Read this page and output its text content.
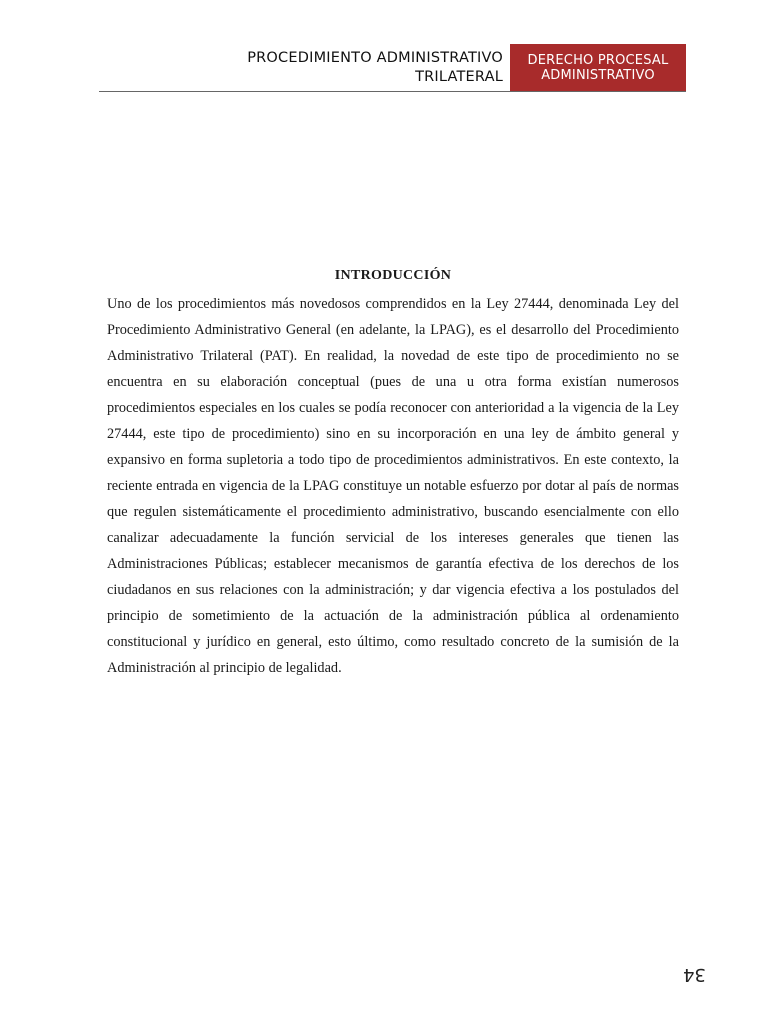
PROCEDIMIENTO ADMINISTRATIVO
TRILATERAL
DERECHO PROCESAL
ADMINISTRATIVO
INTRODUCCIÓN

Uno de los procedimientos más novedosos comprendidos en la Ley 27444, denominada Ley del Procedimiento Administrativo General (en adelante, la LPAG), es el desarrollo del Procedimiento Administrativo Trilateral (PAT). En realidad, la novedad de este tipo de procedimiento no se encuentra en su elaboración conceptual (pues de una u otra forma existían numerosos procedimientos especiales en los cuales se podía reconocer con anterioridad a la vigencia de la Ley 27444, este tipo de procedimiento) sino en su incorporación en una ley de ámbito general y expansivo en forma supletoria a todo tipo de procedimientos administrativos. En este contexto, la reciente entrada en vigencia de la LPAG constituye un notable esfuerzo por dotar al país de normas que regulen sistemáticamente el procedimiento administrativo, buscando esencialmente con ello canalizar adecuadamente la función servicial de los intereses generales que tienen las Administraciones Públicas; establecer mecanismos de garantía efectiva de los derechos de los ciudadanos en sus relaciones con la administración; y dar vigencia efectiva a los postulados del principio de sometimiento de la actuación de la administración pública al ordenamiento constitucional y jurídico en general, esto último, como resultado concreto de la sumisión de la Administración al principio de legalidad.

34
